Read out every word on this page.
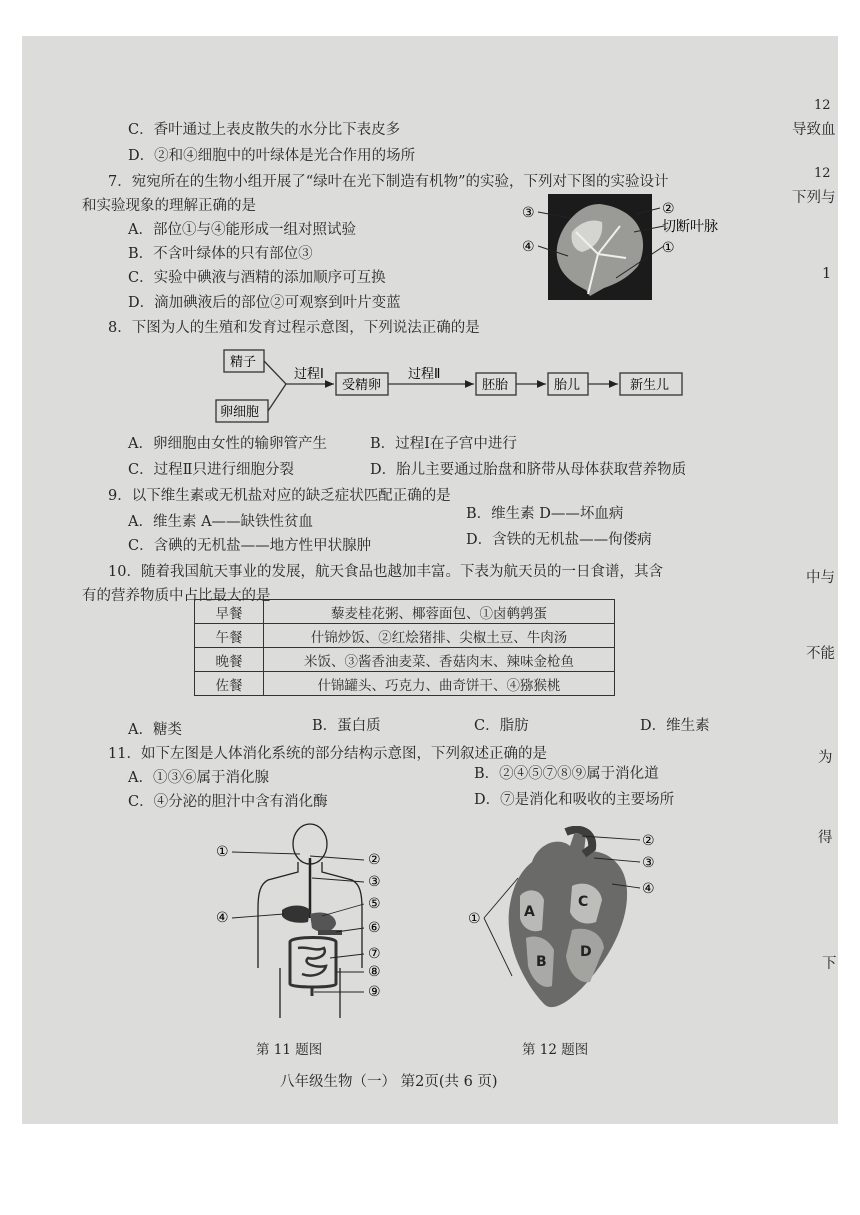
12
导致血
12
下列与
1
中与
不能
为
得
下
C．香叶通过上表皮散失的水分比下表皮多
D．②和④细胞中的叶绿体是光合作用的场所
7．宛宛所在的生物小组开展了“绿叶在光下制造有机物”的实验，下列对下图的实验设计
和实验现象的理解正确的是
A．部位①与④能形成一组对照试验
B．不含叶绿体的只有部位③
C．实验中碘液与酒精的添加顺序可互换
D．滴加碘液后的部位②可观察到叶片变蓝
③
④
②
切断叶脉
①
8．下图为人的生殖和发育过程示意图，下列说法正确的是
精子
卵细胞
过程Ⅰ
受精卵
过程Ⅱ
胚胎	胎儿	新生儿
A．卵细胞由女性的输卵管产生	B．过程Ⅰ在子宫中进行
C．过程Ⅱ只进行细胞分裂	D．胎儿主要通过胎盘和脐带从母体获取营养物质
9．以下维生素或无机盐对应的缺乏症状匹配正确的是
A．维生素 A——缺铁性贫血	B．维生素 D——坏血病
C．含碘的无机盐——地方性甲状腺肿	D．含铁的无机盐——佝偻病
10．随着我国航天事业的发展，航天食品也越加丰富。下表为航天员的一日食谱，其含
有的营养物质中占比最大的是
早餐	藜麦桂花粥、椰蓉面包、①卤鹌鹑蛋
午餐	什锦炒饭、②红烩猪排、尖椒土豆、牛肉汤
晚餐	米饭、③酱香油麦菜、香菇肉末、辣味金枪鱼
佐餐	什锦罐头、巧克力、曲奇饼干、④猕猴桃
A．糖类	B．蛋白质	C．脂肪	D．维生素
11．如下左图是人体消化系统的部分结构示意图，下列叙述正确的是
A．①③⑥属于消化腺	B．②④⑤⑦⑧⑨属于消化道
C．④分泌的胆汁中含有消化酶	D．⑦是消化和吸收的主要场所
①	②
③
④
⑤
⑥
⑦
⑧
⑨
第 11 题图
②
③
④
①	A
B
C
D
第 12 题图
八年级生物（一） 第2页(共 6 页)
